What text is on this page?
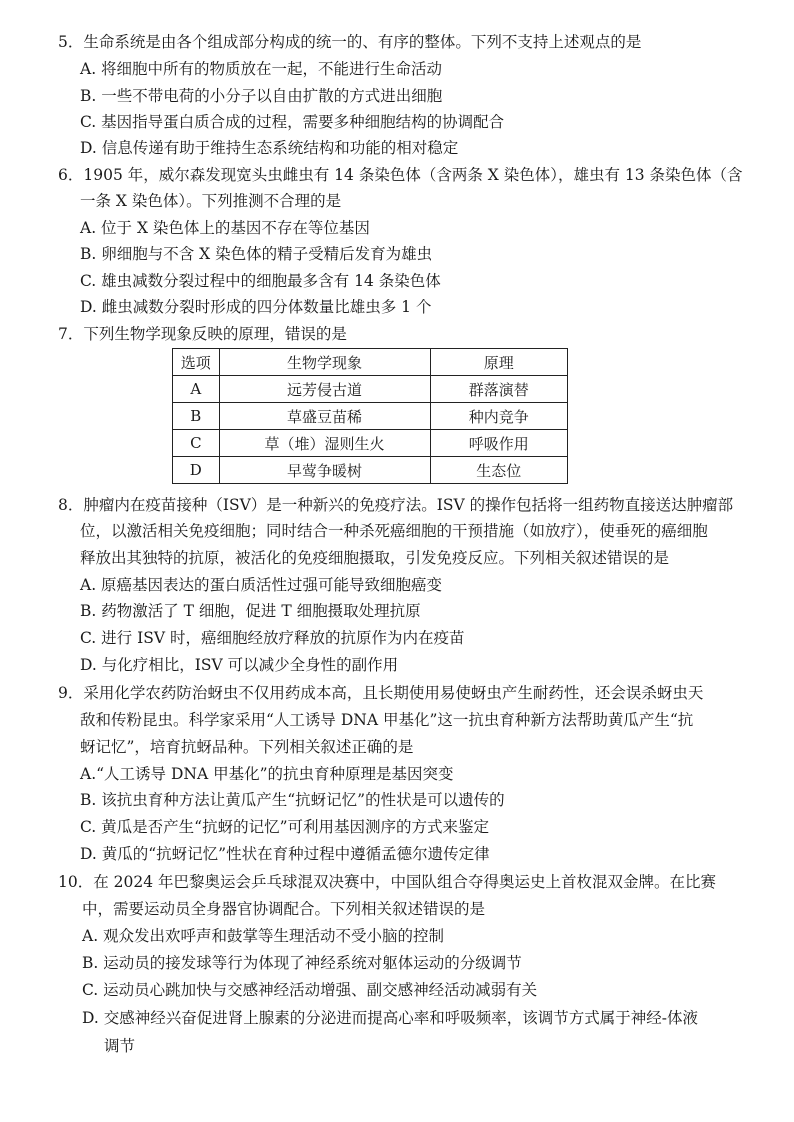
5．生命系统是由各个组成部分构成的统一的、有序的整体。下列不支持上述观点的是
A. 将细胞中所有的物质放在一起，不能进行生命活动
B. 一些不带电荷的小分子以自由扩散的方式进出细胞
C. 基因指导蛋白质合成的过程，需要多种细胞结构的协调配合
D. 信息传递有助于维持生态系统结构和功能的相对稳定
6．1905 年，威尔森发现宽头虫雌虫有 14 条染色体（含两条 X 染色体），雄虫有 13 条染色体（含
一条 X 染色体）。下列推测不合理的是
A. 位于 X 染色体上的基因不存在等位基因
B. 卵细胞与不含 X 染色体的精子受精后发育为雄虫
C. 雄虫减数分裂过程中的细胞最多含有 14 条染色体
D. 雌虫减数分裂时形成的四分体数量比雄虫多 1 个
7．下列生物学现象反映的原理，错误的是
选项	生物学现象	原理
A	远芳侵古道	群落演替
B	草盛豆苗稀	种内竞争
C	草（堆）湿则生火	呼吸作用
D	早莺争暖树	生态位
8．肿瘤内在疫苗接种（ISV）是一种新兴的免疫疗法。ISV 的操作包括将一组药物直接送达肿瘤部
位，以激活相关免疫细胞；同时结合一种杀死癌细胞的干预措施（如放疗），使垂死的癌细胞
释放出其独特的抗原，被活化的免疫细胞摄取，引发免疫反应。下列相关叙述错误的是
A. 原癌基因表达的蛋白质活性过强可能导致细胞癌变
B. 药物激活了 T 细胞，促进 T 细胞摄取处理抗原
C. 进行 ISV 时，癌细胞经放疗释放的抗原作为内在疫苗
D. 与化疗相比，ISV 可以减少全身性的副作用
9．采用化学农药防治蚜虫不仅用药成本高，且长期使用易使蚜虫产生耐药性，还会误杀蚜虫天
敌和传粉昆虫。科学家采用“人工诱导 DNA 甲基化”这一抗虫育种新方法帮助黄瓜产生“抗
蚜记忆”，培育抗蚜品种。下列相关叙述正确的是
A.“人工诱导 DNA 甲基化”的抗虫育种原理是基因突变
B. 该抗虫育种方法让黄瓜产生“抗蚜记忆”的性状是可以遗传的
C. 黄瓜是否产生“抗蚜的记忆”可利用基因测序的方式来鉴定
D. 黄瓜的“抗蚜记忆”性状在育种过程中遵循孟德尔遗传定律
10．在 2024 年巴黎奥运会乒乓球混双决赛中，中国队组合夺得奥运史上首枚混双金牌。在比赛
中，需要运动员全身器官协调配合。下列相关叙述错误的是
A. 观众发出欢呼声和鼓掌等生理活动不受小脑的控制
B. 运动员的接发球等行为体现了神经系统对躯体运动的分级调节
C. 运动员心跳加快与交感神经活动增强、副交感神经活动减弱有关
D. 交感神经兴奋促进肾上腺素的分泌进而提高心率和呼吸频率，该调节方式属于神经-体液
调节
